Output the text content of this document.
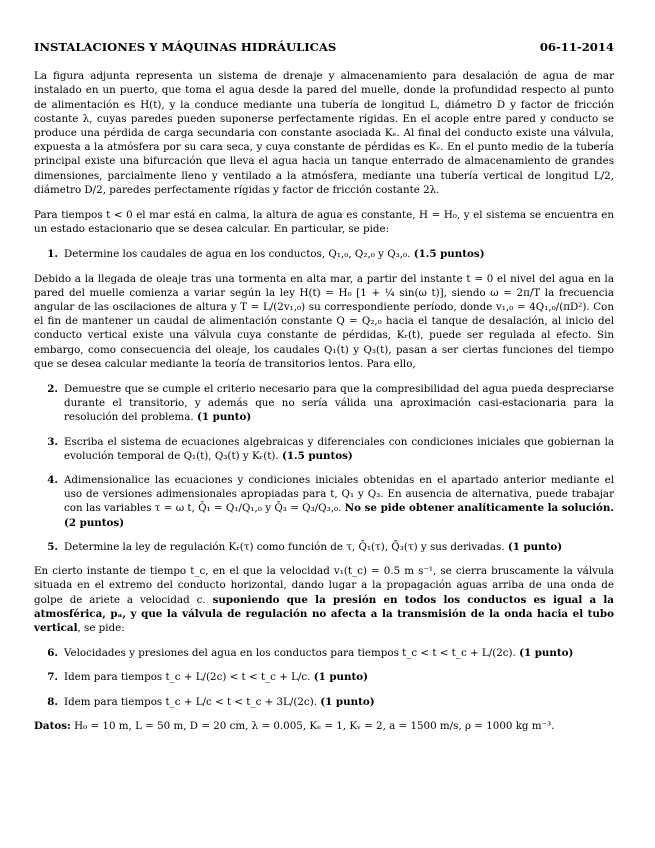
INSTALACIONES Y MÁQUINAS HIDRÁULICAS	06-11-2014

La figura adjunta representa un sistema de drenaje y almacenamiento para desalación de agua de mar instalado en un puerto, que toma el agua desde la pared del muelle, donde la profundidad respecto al punto de alimentación es H(t), y la conduce mediante una tubería de longitud L, diámetro D y factor de fricción costante λ, cuyas paredes pueden suponerse perfectamente rígidas. En el acople entre pared y conducto se produce una pérdida de carga secundaria con constante asociada Kₑ. Al final del conducto existe una válvula, expuesta a la atmósfera por su cara seca, y cuya constante de pérdidas es Kᵥ. En el punto medio de la tubería principal existe una bifurcación que lleva el agua hacia un tanque enterrado de almacenamiento de grandes dimensiones, parcialmente lleno y ventilado a la atmósfera, mediante una tubería vertical de longitud L/2, diámetro D/2, paredes perfectamente rígidas y factor de fricción costante 2λ.

Para tiempos t < 0 el mar está en calma, la altura de agua es constante, H = H₀, y el sistema se encuentra en un estado estacionario que se desea calcular. En particular, se pide:

1. Determine los caudales de agua en los conductos, Q₁,₀, Q₂,₀ y Q₃,₀. (1.5 puntos)

Debido a la llegada de oleaje tras una tormenta en alta mar, a partir del instante t = 0 el nivel del agua en la pared del muelle comienza a variar según la ley H(t) = H₀ [1 + ¼ sin(ω t)], siendo ω = 2π/T la frecuencia angular de las oscilaciones de altura y T = L/(2v₁,₀) su correspondiente período, donde v₁,₀ = 4Q₁,₀/(πD²). Con el fin de mantener un caudal de alimentación constante Q = Q₂,₀ hacia el tanque de desalación, al inicio del conducto vertical existe una válvula cuya constante de pérdidas, Kᵣ(t), puede ser regulada al efecto. Sin embargo, como consecuencia del oleaje, los caudales Q₁(t) y Q₃(t), pasan a ser ciertas funciones del tiempo que se desea calcular mediante la teoría de transitorios lentos. Para ello,

2. Demuestre que se cumple el criterio necesario para que la compresibilidad del agua pueda despreciarse durante el transitorio, y además que no sería válida una aproximación casi-estacionaria para la resolución del problema. (1 punto)
3. Escriba el sistema de ecuaciones algebraicas y diferenciales con condiciones iniciales que gobiernan la evolución temporal de Q₁(t), Q₃(t) y Kᵣ(t). (1.5 puntos)
4. Adimensionalice las ecuaciones y condiciones iniciales obtenidas en el apartado anterior mediante el uso de versiones adimensionales apropiadas para t, Q₁ y Q₃. En ausencia de alternativa, puede trabajar con las variables τ = ω t, Q̄₁ = Q₁/Q₁,₀ y Q̄₃ = Q₃/Q₃,₀. No se pide obtener analíticamente la solución. (2 puntos)
5. Determine la ley de regulación Kᵣ(τ) como función de τ, Q̄₁(τ), Q̄₃(τ) y sus derivadas. (1 punto)

En cierto instante de tiempo t_c, en el que la velocidad v₁(t_c) = 0.5 m s⁻¹, se cierra bruscamente la válvula situada en el extremo del conducto horizontal, dando lugar a la propagación aguas arriba de una onda de golpe de ariete a velocidad c. suponiendo que la presión en todos los conductos es igual a la atmosférica, pₐ, y que la válvula de regulación no afecta a la transmisión de la onda hacia el tubo vertical, se pide:

6. Velocidades y presiones del agua en los conductos para tiempos t_c < t < t_c + L/(2c). (1 punto)
7. Idem para tiempos t_c + L/(2c) < t < t_c + L/c. (1 punto)
8. Idem para tiempos t_c + L/c < t < t_c + 3L/(2c). (1 punto)

Datos: H₀ = 10 m, L = 50 m, D = 20 cm, λ = 0.005, Kₑ = 1, Kᵥ = 2, a = 1500 m/s, ρ = 1000 kg m⁻³.
